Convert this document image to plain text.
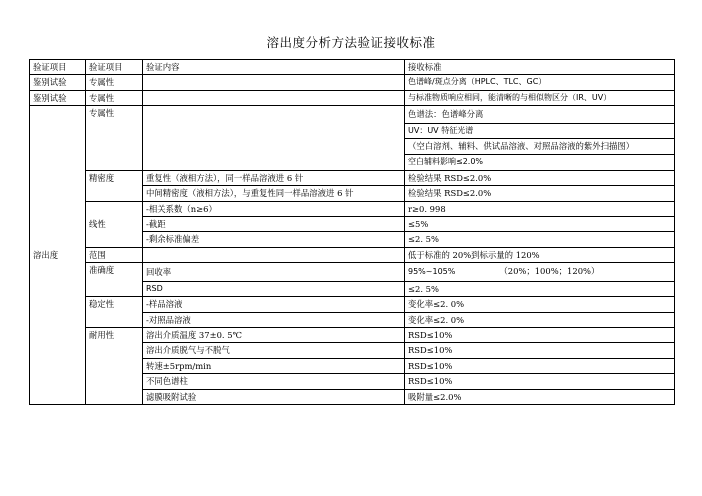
溶出度分析方法验证接收标准
验证项目	验证项目	验证内容	接收标准
鉴别试验	专属性		色谱峰/斑点分离（HPLC、TLC、GC）
鉴别试验	专属性		与标准物质响应相同，能清晰的与相似物区分（IR、UV）
溶出度	专属性		色谱法：色谱峰分离
			UV：UV 特征光谱
			（空白溶剂、辅料、供试品溶液、对照品溶液的紫外扫描图）
			空白辅料影响≤2.0%
	精密度	重复性（液相方法），同一样品溶液进 6 针	检验结果 RSD≤2.0%
		中间精密度（液相方法），与重复性同一样品溶液进 6 针	检验结果 RSD≤2.0%
	线性	-相关系数（n≥6）	r≥0. 998
		-截距	≤5%
		-剩余标准偏差	≤2. 5%
	范围		低于标准的 20%到标示量的 120%
	准确度	回收率	95%~105% （20%；100%；120%）
		RSD	≤2. 5%
	稳定性	-样品溶液	变化率≤2. 0%
		-对照品溶液	变化率≤2. 0%
	耐用性	溶出介质温度 37±0. 5℃	RSD≤10%
		溶出介质脱气与不脱气	RSD≤10%
		转速±5rpm/min	RSD≤10%
		不同色谱柱	RSD≤10%
		滤膜吸附试验	吸附量≤2.0%
